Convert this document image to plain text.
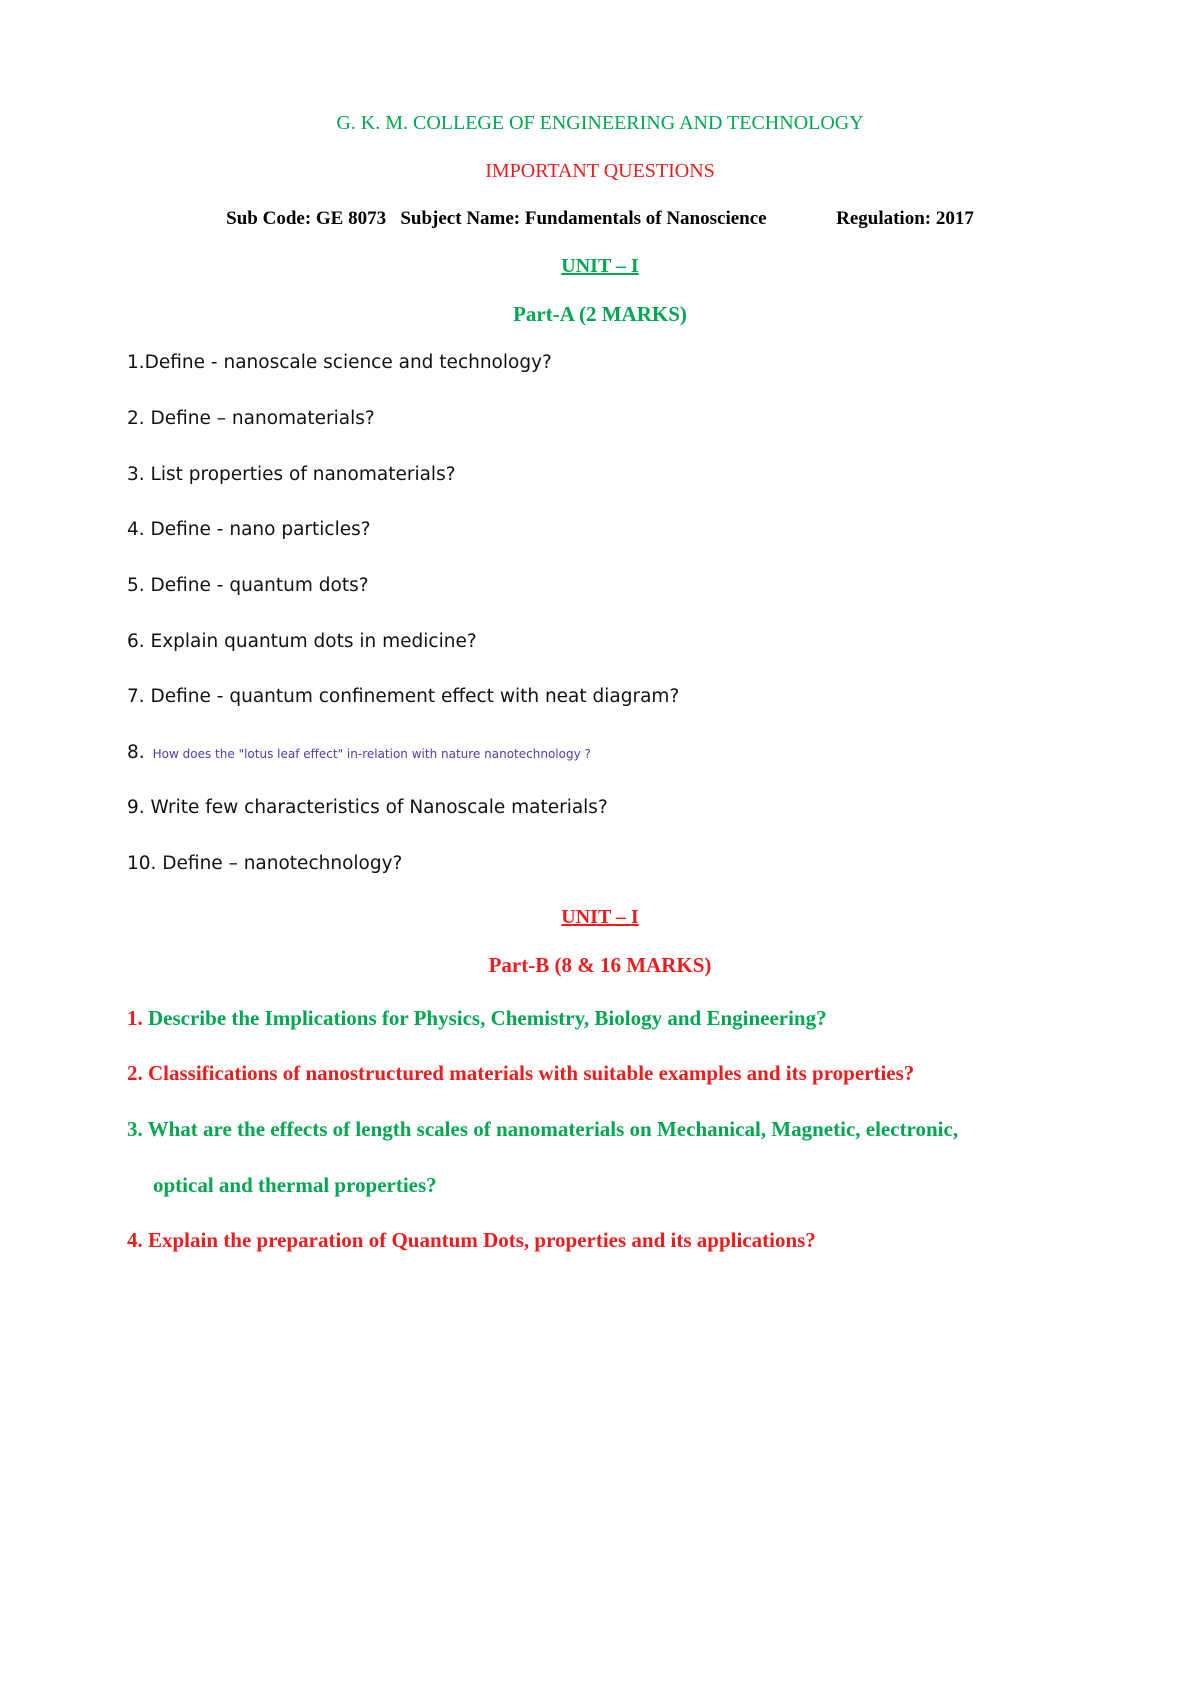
G. K. M. COLLEGE OF ENGINEERING AND TECHNOLOGY
IMPORTANT QUESTIONS
Sub Code: GE 8073 Subject Name: Fundamentals of Nanoscience	Regulation: 2017
UNIT – I
Part-A (2 MARKS)
1.Define - nanoscale science and technology?
2. Define – nanomaterials?
3. List properties of nanomaterials?
4. Define - nano particles?
5. Define - quantum dots?
6. Explain quantum dots in medicine?
7. Define - quantum confinement effect with neat diagram?
8. How does the "lotus leaf effect" in-relation with nature nanotechnology ?
9. Write few characteristics of Nanoscale materials?
10. Define – nanotechnology?
UNIT – I
Part-B (8 & 16 MARKS)
1. Describe the Implications for Physics, Chemistry, Biology and Engineering?
2. Classifications of nanostructured materials with suitable examples and its properties?
3. What are the effects of length scales of nanomaterials on Mechanical, Magnetic, electronic,
optical and thermal properties?
4. Explain the preparation of Quantum Dots, properties and its applications?
